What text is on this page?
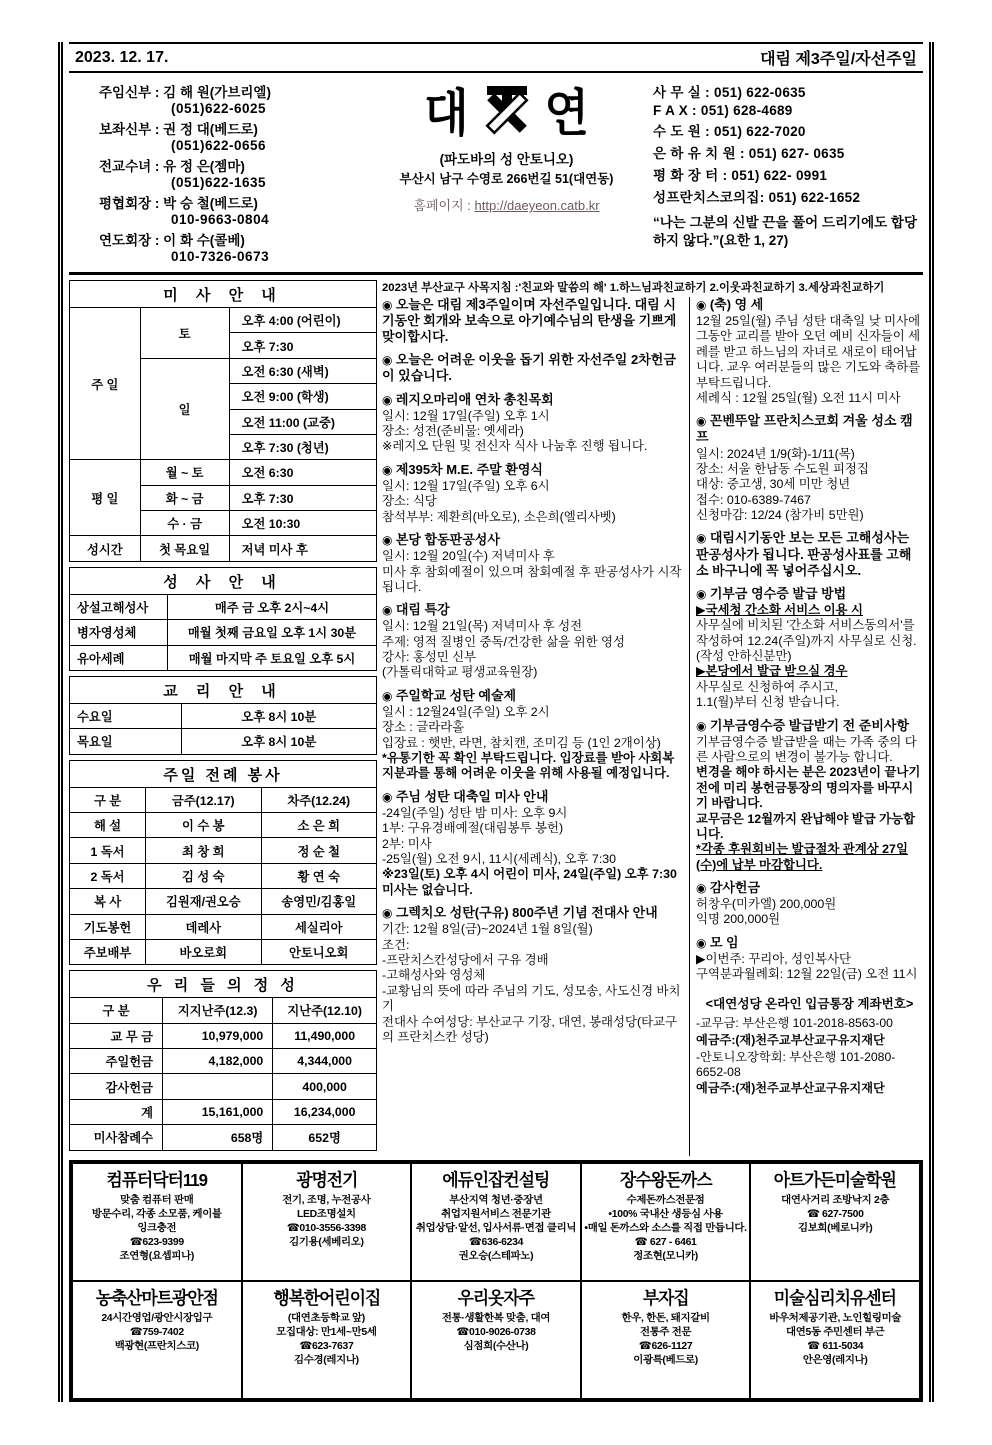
2023. 12. 17.	대림 제3주일/자선주일
주임신부 : 김 해 원(가브리엘)
(051)622-6025
보좌신부 : 권 정 대(베드로)
(051)622-0656
전교수녀 : 유 정 은(젬마)
(051)622-1635
평협회장 : 박 승 철(베드로)
010-9663-0804
연도회장 : 이 화 수(콜베)
010-7326-0673
대 연
(파도바의 성 안토니오)
부산시 남구 수영로 266번길 51(대연동)
홈페이지 : http://daeyeon.catb.kr
사 무 실 : 051) 622-0635
F A X : 051) 628-4689
수 도 원 : 051) 622-7020
은 하 유 치 원 : 051) 627- 0635
평 화 장 터 : 051) 622- 0991
성프란치스코의집: 051) 622-1652
“나는 그분의 신발 끈을 풀어 드리기에도 합당하지 않다.”(요한 1, 27)
미 사 안 내
주 일	토	오후 4:00 (어린이)
		오후 7:30
	일	오전 6:30 (새벽)
		오전 9:00 (학생)
		오전 11:00 (교중)
		오후 7:30 (청년)
평 일	월 ~ 토	오전 6:30
	화 ~ 금	오후 7:30
	수 · 금	오전 10:30
성시간	첫 목요일	저녁 미사 후
성 사 안 내
상설고해성사	매주 금 오후 2시~4시
병자영성체	매월 첫째 금요일 오후 1시 30분
유아세례	매월 마지막 주 토요일 오후 5시
교 리 안 내
수요일	오후 8시 10분
목요일	오후 8시 10분
주일 전례 봉사
구 분	금주(12.17)	차주(12.24)
해 설	이 수 봉	소 은 희
1 독서	최 창 희	정 순 철
2 독서	김 성 숙	황 연 숙
복 사	김원재/권오승	송영민/김홍일
기도봉헌	데레사	세실리아
주보배부	바오로회	안토니오회
우 리 들 의 정 성
구 분	지지난주(12.3)	지난주(12.10)
교 무 금	10,979,000	11,490,000
주일헌금	4,182,000	4,344,000
감사헌금		400,000
계	15,161,000	16,234,000
미사참례수	658명	652명
2023년 부산교구 사목지침 :'친교와 말씀의 해' 1.하느님과친교하기 2.이웃과친교하기 3.세상과친교하기
◉ 오늘은 대림 제3주일이며 자선주일입니다. 대림 시기동안 회개와 보속으로 아기예수님의 탄생을 기쁘게 맞이합시다.
◉ 오늘은 어려운 이웃을 돕기 위한 자선주일 2차헌금이 있습니다.
◉ 레지오마리애 연차 총친목회
일시: 12월 17일(주일) 오후 1시
장소: 성전(준비물: 옛세라)
※레지오 단원 및 전신자 식사 나눔후 진행 됩니다.
◉ 제395차 M.E. 주말 환영식
일시: 12월 17일(주일) 오후 6시
장소: 식당
참석부부: 제환희(바오로), 소은희(엘리사벳)
◉ 본당 합동판공성사
일시: 12월 20일(수) 저녁미사 후
미사 후 참회예절이 있으며 참회예절 후 판공성사가 시작됩니다.
◉ 대림 특강
일시: 12월 21일(목) 저녁미사 후 성전
주제: 영적 질병인 중독/건강한 삶을 위한 영성
강사: 홍성민 신부
(가톨릭대학교 평생교육원장)
◉ 주일학교 성탄 예술제
일시 : 12월24일(주일) 오후 2시
장소 : 글라라홀
입장료 : 햇반, 라면, 참치캔, 조미김 등 (1인 2개이상)
*유통기한 꼭 확인 부탁드립니다. 입장료를 받아 사회복지분과를 통해 어려운 이웃을 위해 사용될 예정입니다.
◉ 주님 성탄 대축일 미사 안내
-24일(주일) 성탄 밤 미사: 오후 9시
1부: 구유경배예절(대림봉투 봉헌)
2부: 미사
-25일(월) 오전 9시, 11시(세례식), 오후 7:30
※23일(토) 오후 4시 어린이 미사, 24일(주일) 오후 7:30 미사는 없습니다.
◉ 그렉치오 성탄(구유) 800주년 기념 전대사 안내
기간: 12월 8일(금)~2024년 1월 8일(월)
조건:
-프란치스칸성당에서 구유 경배
-고해성사와 영성체
-교황님의 뜻에 따라 주님의 기도, 성모송, 사도신경 바치기
전대사 수여성당: 부산교구 기장, 대연, 봉래성당(타교구의 프란치스칸 성당)
◉ (축) 영 세
12월 25일(월) 주님 성탄 대축일 낮 미사에 그동안 교리를 받아 오던 예비 신자들이 세례를 받고 하느님의 자녀로 새로이 태어납니다. 교우 여러분들의 많은 기도와 축하를 부탁드립니다.
세례식 : 12월 25일(월) 오전 11시 미사
◉ 꼰벤뚜알 프란치스코회 겨울 성소 캠프
일시: 2024년 1/9(화)-1/11(목)
장소: 서울 한남동 수도원 피정집
대상: 중고생, 30세 미만 청년
접수: 010-6389-7467
신청마감: 12/24 (참가비 5만원)
◉ 대림시기동안 보는 모든 고해성사는 판공성사가 됩니다. 판공성사표를 고해소 바구니에 꼭 넣어주십시오.
◉ 기부금 영수증 발급 방법
▶국세청 간소화 서비스 이용 시
사무실에 비치된 '간소화 서비스동의서'를 작성하여 12.24(주일)까지 사무실로 신청. (작성 안하신분만)
▶본당에서 발급 받으실 경우
사무실로 신청하여 주시고,
1.1(월)부터 신청 받습니다.
◉ 기부금영수증 발급받기 전 준비사항
기부금영수증 발급받을 때는 가족 중의 다른 사람으로의 변경이 불가능 합니다.
변경을 해야 하시는 분은 2023년이 끝나기 전에 미리 봉헌금통장의 명의자를 바꾸시기 바랍니다.
교무금은 12월까지 완납해야 발급 가능합니다.
*각종 후원회비는 발급절차 관계상 27일(수)에 납부 마감합니다.
◉ 감사헌금
허창우(미카엘) 200,000원
익명 200,000원
◉ 모 임
▶이번주: 꾸리아, 성인복사단
구역분과월례회: 12월 22일(금) 오전 11시
<대연성당 온라인 입금통장 계좌번호>
-교무금: 부산은행 101-2018-8563-00
예금주:(재)천주교부산교구유지재단
-안토니오장학회: 부산은행 101-2080-6652-08
예금주:(재)천주교부산교구유지재단
컴퓨터닥터119
맞춤 컴퓨터 판매
방문수리, 각종 소모품, 케이블
잉크충전
☎623-9399
조연형(요셉피나)
광명전기
전기, 조명, 누전공사
LED조명설치
☎010-3556-3398
김기용(세베리오)
에듀인잡컨설팅
부산지역 청년·중장년
취업지원서비스 전문기관
취업상담·알선, 입사서류·면접 클리닉
☎636-6234
권오승(스테파노)
장수왕돈까스
수제돈까스전문점
•100% 국내산 생등심 사용
•매일 돈까스와 소스를 직접 만듭니다.
☎ 627 - 6461
정조현(모니카)
아트가든미술학원
대연사거리 조방낙지 2층
☎ 627-7500
김보희(베로니카)
농축산마트광안점
24시간영업/광안시장입구
☎759-7402
백광현(프란치스코)
행복한어린이집
(대연초등학교 앞)
모집대상: 만1세~만5세
☎623-7637
김수경(레지나)
우리옷자주
전통·생활한복 맞춤, 대여
☎010-9026-0738
심점희(수산나)
부자집
한우, 한돈, 돼지갈비
전통주 전문
☎626-1127
이광특(베드로)
미술심리치유센터
바우처제공기관, 노인힐링미술
대연5동 주민센터 부근
☎ 611-5034
안은영(레지나)
